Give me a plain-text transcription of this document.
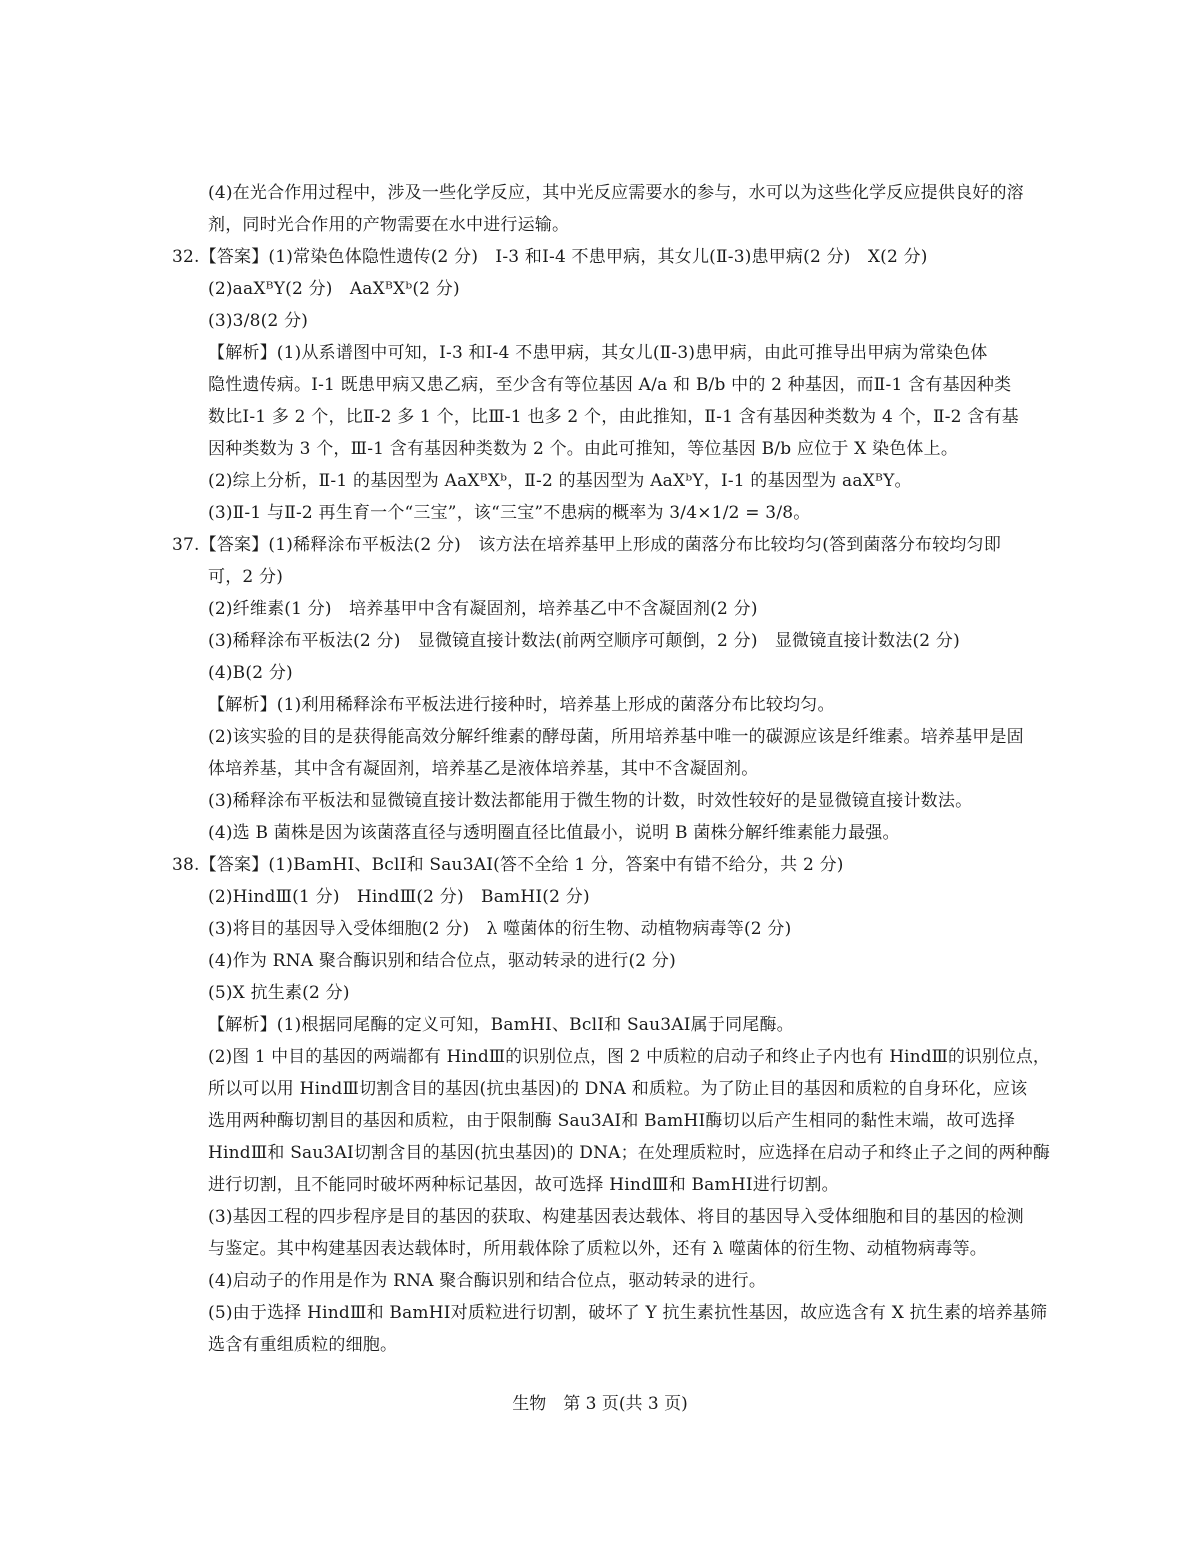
(4)在光合作用过程中，涉及一些化学反应，其中光反应需要水的参与，水可以为这些化学反应提供良好的溶
剂，同时光合作用的产物需要在水中进行运输。
32.【答案】(1)常染色体隐性遗传(2 分)　Ⅰ-3 和Ⅰ-4 不患甲病，其女儿(Ⅱ-3)患甲病(2 分)　X(2 分)
(2)aaXᴮY(2 分)　AaXᴮXᵇ(2 分)
(3)3/8(2 分)
【解析】(1)从系谱图中可知，Ⅰ-3 和Ⅰ-4 不患甲病，其女儿(Ⅱ-3)患甲病，由此可推导出甲病为常染色体
隐性遗传病。Ⅰ-1 既患甲病又患乙病，至少含有等位基因 A/a 和 B/b 中的 2 种基因，而Ⅱ-1 含有基因种类
数比Ⅰ-1 多 2 个，比Ⅱ-2 多 1 个，比Ⅲ-1 也多 2 个，由此推知，Ⅱ-1 含有基因种类数为 4 个，Ⅱ-2 含有基
因种类数为 3 个，Ⅲ-1 含有基因种类数为 2 个。由此可推知，等位基因 B/b 应位于 X 染色体上。
(2)综上分析，Ⅱ-1 的基因型为 AaXᴮXᵇ，Ⅱ-2 的基因型为 AaXᵇY，Ⅰ-1 的基因型为 aaXᴮY。
(3)Ⅱ-1 与Ⅱ-2 再生育一个“三宝”，该“三宝”不患病的概率为 3/4×1/2 = 3/8。
37.【答案】(1)稀释涂布平板法(2 分)　该方法在培养基甲上形成的菌落分布比较均匀(答到菌落分布较均匀即
可，2 分)
(2)纤维素(1 分)　培养基甲中含有凝固剂，培养基乙中不含凝固剂(2 分)
(3)稀释涂布平板法(2 分)　显微镜直接计数法(前两空顺序可颠倒，2 分)　显微镜直接计数法(2 分)
(4)B(2 分)
【解析】(1)利用稀释涂布平板法进行接种时，培养基上形成的菌落分布比较均匀。
(2)该实验的目的是获得能高效分解纤维素的酵母菌，所用培养基中唯一的碳源应该是纤维素。培养基甲是固
体培养基，其中含有凝固剂，培养基乙是液体培养基，其中不含凝固剂。
(3)稀释涂布平板法和显微镜直接计数法都能用于微生物的计数，时效性较好的是显微镜直接计数法。
(4)选 B 菌株是因为该菌落直径与透明圈直径比值最小，说明 B 菌株分解纤维素能力最强。
38.【答案】(1)BamHⅠ、BclⅠ和 Sau3AⅠ(答不全给 1 分，答案中有错不给分，共 2 分)
(2)HindⅢ(1 分)　HindⅢ(2 分)　BamHⅠ(2 分)
(3)将目的基因导入受体细胞(2 分)　λ 噬菌体的衍生物、动植物病毒等(2 分)
(4)作为 RNA 聚合酶识别和结合位点，驱动转录的进行(2 分)
(5)X 抗生素(2 分)
【解析】(1)根据同尾酶的定义可知，BamHⅠ、BclⅠ和 Sau3AⅠ属于同尾酶。
(2)图 1 中目的基因的两端都有 HindⅢ的识别位点，图 2 中质粒的启动子和终止子内也有 HindⅢ的识别位点，
所以可以用 HindⅢ切割含目的基因(抗虫基因)的 DNA 和质粒。为了防止目的基因和质粒的自身环化，应该
选用两种酶切割目的基因和质粒，由于限制酶 Sau3AⅠ和 BamHⅠ酶切以后产生相同的黏性末端，故可选择
HindⅢ和 Sau3AⅠ切割含目的基因(抗虫基因)的 DNA；在处理质粒时，应选择在启动子和终止子之间的两种酶
进行切割，且不能同时破坏两种标记基因，故可选择 HindⅢ和 BamHⅠ进行切割。
(3)基因工程的四步程序是目的基因的获取、构建基因表达载体、将目的基因导入受体细胞和目的基因的检测
与鉴定。其中构建基因表达载体时，所用载体除了质粒以外，还有 λ 噬菌体的衍生物、动植物病毒等。
(4)启动子的作用是作为 RNA 聚合酶识别和结合位点，驱动转录的进行。
(5)由于选择 HindⅢ和 BamHⅠ对质粒进行切割，破坏了 Y 抗生素抗性基因，故应选含有 X 抗生素的培养基筛
选含有重组质粒的细胞。
生物　第 3 页(共 3 页)
